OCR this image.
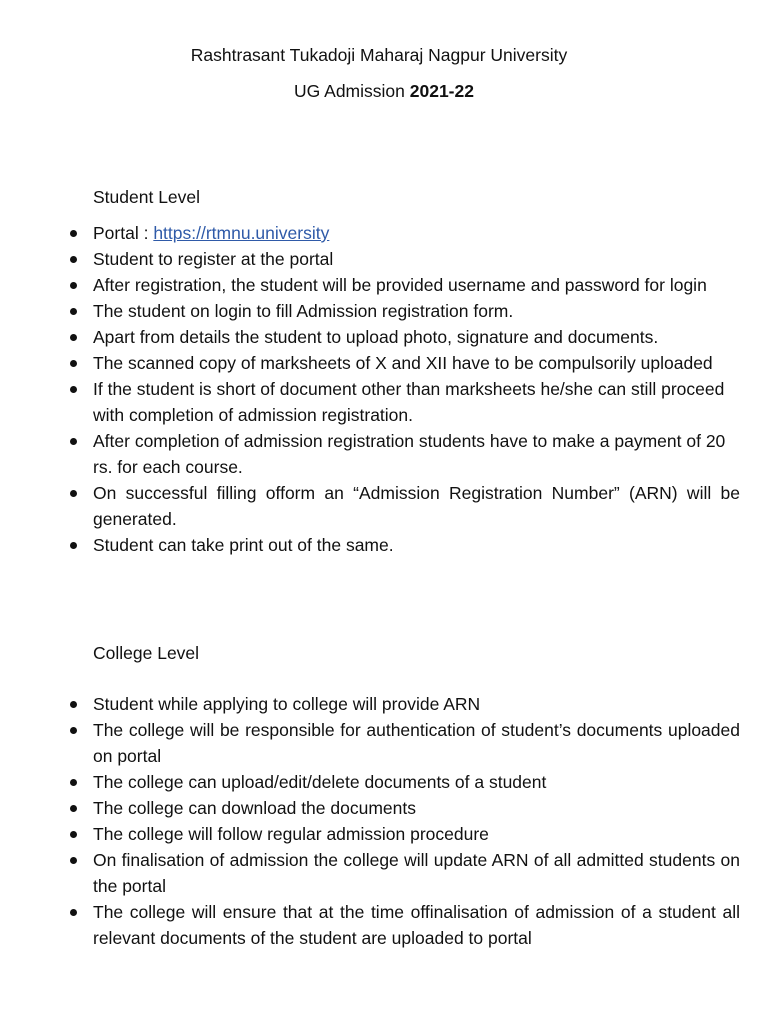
Rashtrasant Tukadoji Maharaj Nagpur University
UG Admission 2021-22
Student Level
Portal : https://rtmnu.university
Student to register at the portal
After registration, the student will be provided username and password for login
The student on login to fill Admission registration form.
Apart from details the student to upload photo, signature and documents.
The scanned copy of marksheets of X and XII have to be compulsorily uploaded
If the student is short of document other than marksheets he/she can still proceed with completion of admission registration.
After completion of admission registration students have to make a payment of 20 rs. for each course.
On successful filling ofform an “Admission Registration Number” (ARN) will be generated.
Student can take print out of the same.
College Level
Student while applying to college will provide ARN
The college will be responsible for authentication of student’s documents uploaded on portal
The college can upload/edit/delete documents of a student
The college can download the documents
The college will follow regular admission procedure
On finalisation of admission the college will update ARN of all admitted students on the portal
The college will ensure that at the time offinalisation of admission of a student all relevant documents of the student are uploaded to portal
